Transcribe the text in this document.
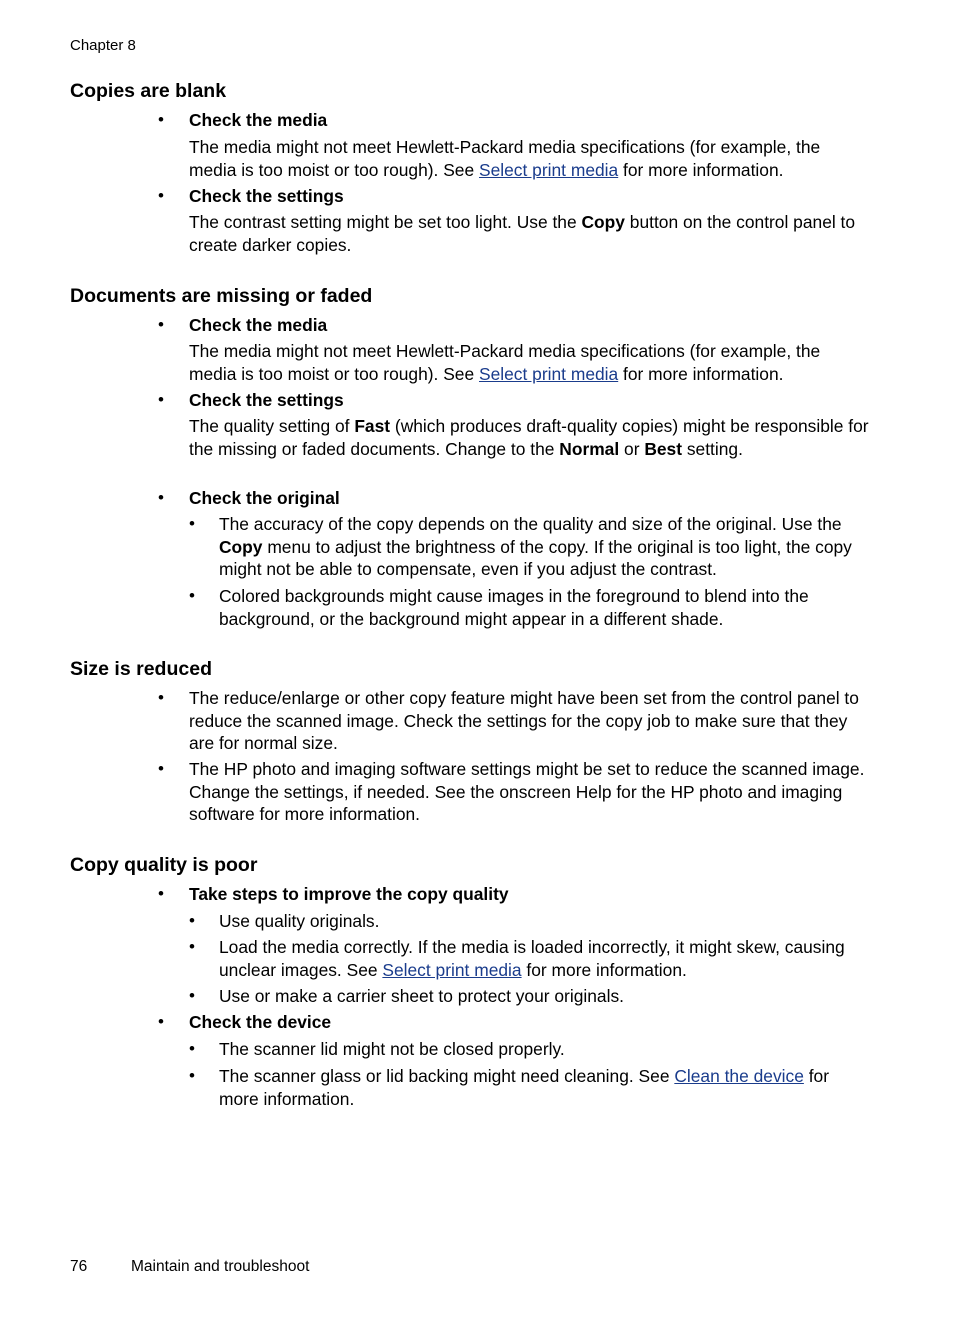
Chapter 8
Copies are blank
• Check the media
The media might not meet Hewlett-Packard media specifications (for example, the media is too moist or too rough). See Select print media for more information.
• Check the settings
The contrast setting might be set too light. Use the Copy button on the control panel to create darker copies.
Documents are missing or faded
• Check the media
The media might not meet Hewlett-Packard media specifications (for example, the media is too moist or too rough). See Select print media for more information.
• Check the settings
The quality setting of Fast (which produces draft-quality copies) might be responsible for the missing or faded documents. Change to the Normal or Best setting.
• Check the original
• The accuracy of the copy depends on the quality and size of the original. Use the Copy menu to adjust the brightness of the copy. If the original is too light, the copy might not be able to compensate, even if you adjust the contrast.
• Colored backgrounds might cause images in the foreground to blend into the background, or the background might appear in a different shade.
Size is reduced
• The reduce/enlarge or other copy feature might have been set from the control panel to reduce the scanned image. Check the settings for the copy job to make sure that they are for normal size.
• The HP photo and imaging software settings might be set to reduce the scanned image. Change the settings, if needed. See the onscreen Help for the HP photo and imaging software for more information.
Copy quality is poor
• Take steps to improve the copy quality
• Use quality originals.
• Load the media correctly. If the media is loaded incorrectly, it might skew, causing unclear images. See Select print media for more information.
• Use or make a carrier sheet to protect your originals.
• Check the device
• The scanner lid might not be closed properly.
• The scanner glass or lid backing might need cleaning. See Clean the device for more information.
76	Maintain and troubleshoot
